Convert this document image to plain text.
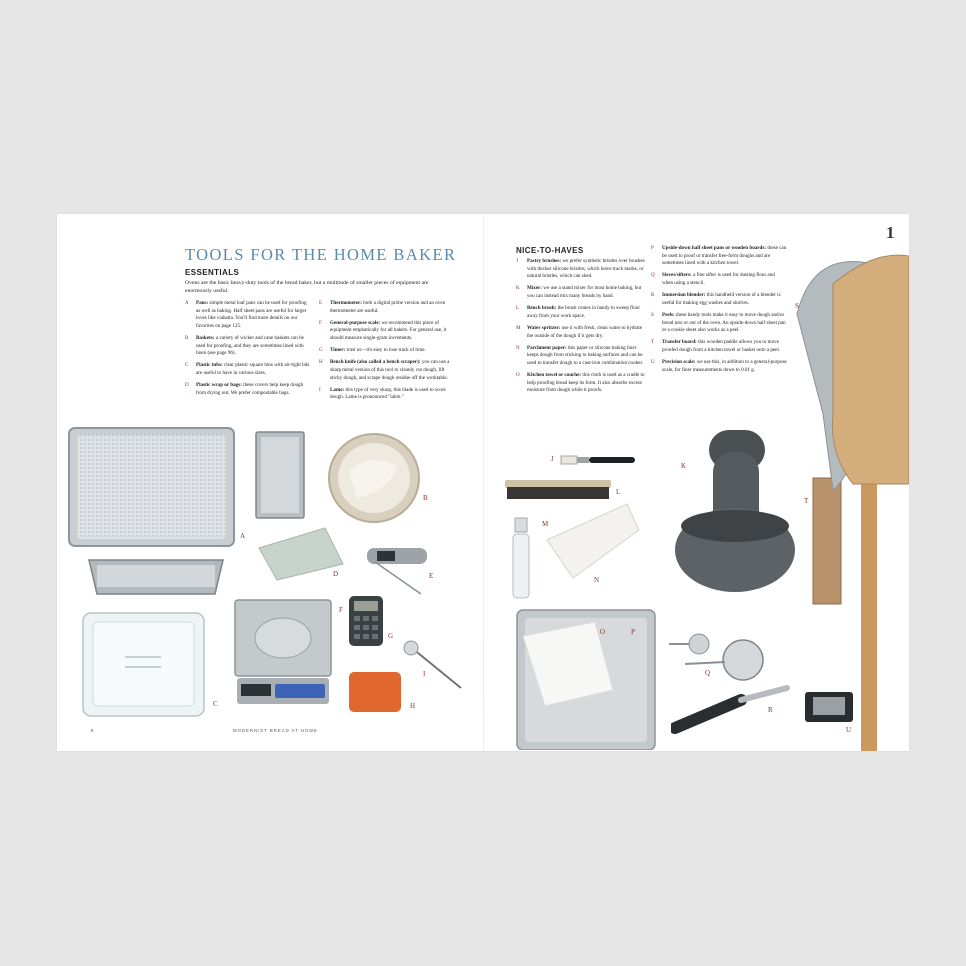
TOOLS FOR THE HOME BAKER
ESSENTIALS
Ovens are the basic heavy-duty tools of the bread baker, but a multitude of smaller pieces of equipment are enormously useful.
A Pans: simple metal loaf pans can be used for proofing as well as baking. Half sheet pans are useful for larger loves like ciabatta. You'll find more details on our favorites on page 125.
B Baskets: a variety of wicker and cane baskets can be used for proofing, and they are sometimes lined with linen (see page 96).
C Plastic tubs: clear plastic square bins with air-tight lids are useful to have in various sizes.
D Plastic wrap or bags: these covers help keep dough from drying out. We prefer compostable bags.
E Thermometer: both a digital probe version and an oven thermometer are useful.
F General-purpose scale: we recommend this piece of equipment emphatically for all bakers. For general use, it should measure single-gram increments.
G Timer: trust us—it's easy to lose track of time.
H Bench knife (also called a bench scraper): you can use a sharp metal version of this tool to cleanly cut dough, lift sticky dough, and scrape dough residue off the worktable.
I Lame: this type of very sharp, this blade is used to score dough. Lame is pronounced "lahm."
1
NICE-TO-HAVES
J Pastry brushes: we prefer synthetic bristles over brushes with thicker silicone bristles, which leave track marks, or natural bristles, which can shed.
K Mixer: we use a stand mixer for most home baking, but you can instead mix many breads by hand.
L Bench brush: the brush comes in handy to sweep flour away from your work space.
M Water spritzer: use it with fresh, clean water to hydrate the outside of the dough if it gets dry.
N Parchment paper: this paper or silicone baking liner keeps dough from sticking to baking surfaces and can be used to transfer dough to a cast-iron combination cooker.
O Kitchen towel or couche: this cloth is used as a cradle to help proofing bread keep its form. It also absorbs excess moisture from dough while it proofs.
P Upside-down half sheet pans or wooden boards: these can be used to proof or transfer free-form doughs and are sometimes lined with a kitchen towel.
Q Sieves/sifters: a fine sifter is used for dusting flour and when using a stencil.
R Immersion blender: this handheld version of a blender is useful for making egg washes and slurries.
S Peels: these handy tools make it easy to move dough and/or bread into or out of the oven. An upside-down half sheet pan or a cookie sheet also works as a peel.
T Transfer board: this wooden paddle allows you to move proofed dough from a kitchen towel or basket onto a peel.
U Precision scale: we use this, in addition to a general-purpose scale, for finer measurements down to 0.01 g.
A
B
C
D	E
F
G
H
I
J
K
L
M
N
O	P
Q
R
S
T
U
8	MODERNIST BREAD AT HOME
